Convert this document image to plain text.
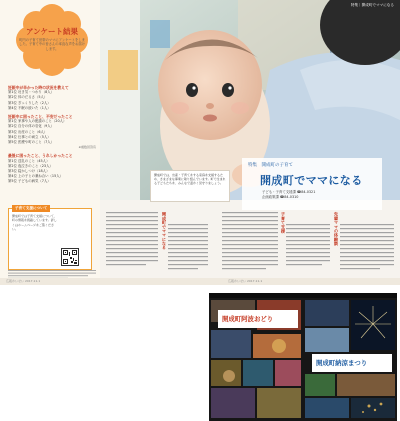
アンケート結果
町内の子育て世帯のママにアンケートをしました。子育て中の皆さんの率直な声をお届けします。
妊娠中が辛かった時の状況を教えて
第1位 吐き気・つわり（8人）
第2位 体のだるさ（5人）
第3位 ぎっくりした（2人）
第4位 不眠の続いた（1人）
妊娠中に困ったこと、不安だったこと
第1位 家事や人の配慮のこと（20人）
第2位 自分の体の変化（9人）
第3位 出産のこと（6人）
第4位 仕事との両立（5人）
第5位 医療や町のこと（7人）
※複数回答有
最後に困ったこと、うれしかったこと
第1位 送乳のこと（45人）
第2位 夜泣きのこと（23人）
第3位 寝かしつけ（18人）
第4位 上の子との兼ね合い（15人）
第5位 子どもの病気（7人）
子育て支援について
開成町では子育て支援について、町の情報を掲載しています。詳しくはホームページをご覧ください。
特集｜開成町でママになる
開成町では、出産・子育てをする家庭を支援するため、さまざまな事業に取り組んでいます。町で生まれる子どもたちを、みんなで温かく見守りましょう。
特集　開成町の子育て
開成町でママになる
子ども・子育て支援課 ☎84-0321
企画政策課 ☎84-0310
開成町でママになる	子育て支援	先輩ママの体験談
広報かいせい 2017.11.1	広報かいせい 2017.11.1
開成町阿波おどり
開成町納涼まつり
